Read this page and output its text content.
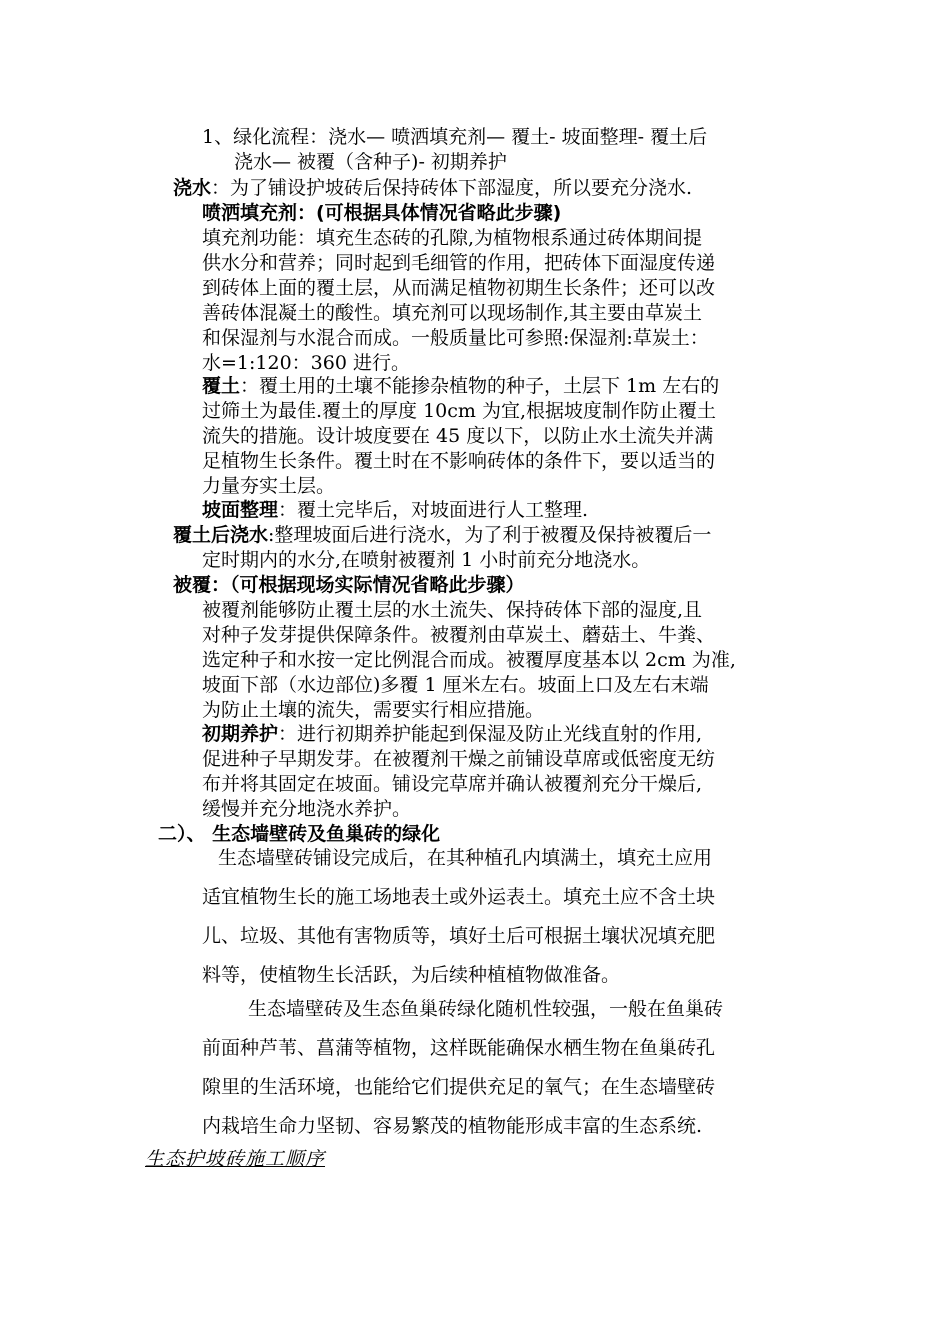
1、绿化流程：浇水— 喷洒填充剂— 覆土- 坡面整理- 覆土后
浇水— 被覆（含种子)- 初期养护
浇水：为了铺设护坡砖后保持砖体下部湿度，所以要充分浇水.
喷洒填充剂：(可根据具体情况省略此步骤)
填充剂功能：填充生态砖的孔隙,为植物根系通过砖体期间提
供水分和营养；同时起到毛细管的作用，把砖体下面湿度传递
到砖体上面的覆土层，从而满足植物初期生长条件；还可以改
善砖体混凝土的酸性。填充剂可以现场制作,其主要由草炭土
和保湿剂与水混合而成。一般质量比可参照:保湿剂:草炭土：
水=1:120：360 进行。
覆土：覆土用的土壤不能掺杂植物的种子，土层下 1m 左右的
过筛土为最佳.覆土的厚度 10cm 为宜,根据坡度制作防止覆土
流失的措施。设计坡度要在 45 度以下，以防止水土流失并满
足植物生长条件。覆土时在不影响砖体的条件下，要以适当的
力量夯实土层。
坡面整理：覆土完毕后，对坡面进行人工整理.
覆土后浇水:整理坡面后进行浇水，为了利于被覆及保持被覆后一
定时期内的水分,在喷射被覆剂 1 小时前充分地浇水。
被覆：（可根据现场实际情况省略此步骤）
被覆剂能够防止覆土层的水土流失、保持砖体下部的湿度,且
对种子发芽提供保障条件。被覆剂由草炭土、蘑菇土、牛粪、
选定种子和水按一定比例混合而成。被覆厚度基本以 2cm 为准,
坡面下部（水边部位)多覆 1 厘米左右。坡面上口及左右末端
为防止土壤的流失，需要实行相应措施。
初期养护：进行初期养护能起到保湿及防止光线直射的作用,
促进种子早期发芽。在被覆剂干燥之前铺设草席或低密度无纺
布并将其固定在坡面。铺设完草席并确认被覆剂充分干燥后,
缓慢并充分地浇水养护。
二）、 生态墙壁砖及鱼巢砖的绿化
生态墙壁砖铺设完成后，在其种植孔内填满土，填充土应用
适宜植物生长的施工场地表土或外运表土。填充土应不含土块
儿、垃圾、其他有害物质等，填好土后可根据土壤状况填充肥
料等，使植物生长活跃，为后续种植植物做准备。
生态墙壁砖及生态鱼巢砖绿化随机性较强，一般在鱼巢砖
前面种芦苇、菖蒲等植物，这样既能确保水栖生物在鱼巢砖孔
隙里的生活环境，也能给它们提供充足的氧气；在生态墙壁砖
内栽培生命力坚韧、容易繁茂的植物能形成丰富的生态系统.
生态护坡砖施工顺序
